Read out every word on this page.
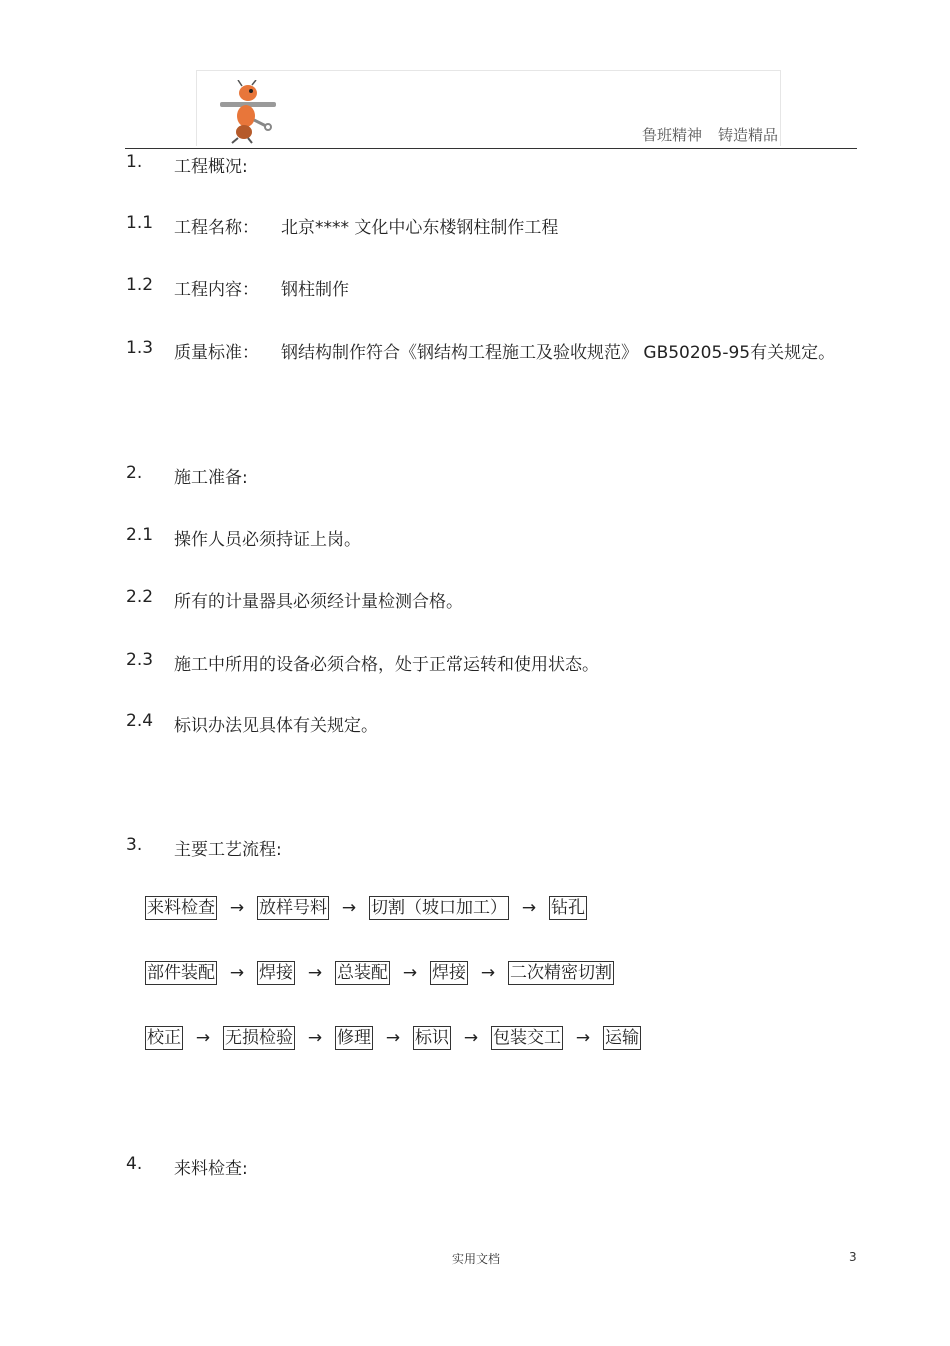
鲁班精神 铸造精品
1. 工程概况:
1.1 工程名称： 北京**** 文化中心东楼钢柱制作工程
1.2 工程内容： 钢柱制作
1.3 质量标准： 钢结构制作符合《钢结构工程施工及验收规范》 GB50205-95有关规定。
2. 施工准备:
2.1 操作人员必须持证上岗。
2.2 所有的计量器具必须经计量检测合格。
2.3 施工中所用的设备必须合格，处于正常运转和使用状态。
2.4 标识办法见具体有关规定。
3. 主要工艺流程:
4. 来料检查:
来料检查 → 放样号料 → 切割（坡口加工） → 钻孔
部件装配 → 焊接 → 总装配 → 焊接 → 二次精密切割
校正 → 无损检验 → 修理 → 标识 → 包装交工 → 运输
实用文档	3
